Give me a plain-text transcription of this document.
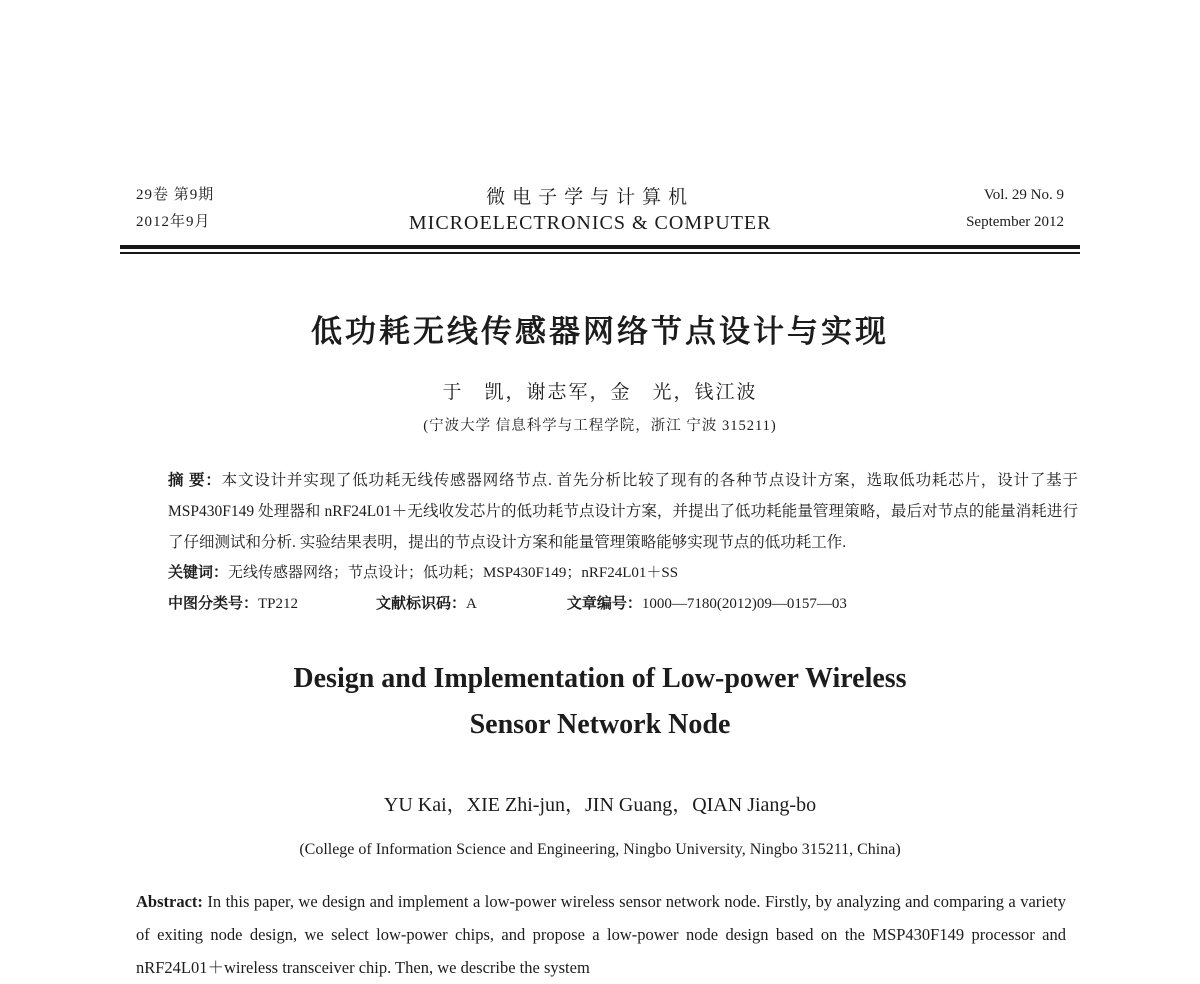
29卷 第9期
2012年9月
微电子学与计算机
MICROELECTRONICS & COMPUTER
Vol. 29 No. 9
September 2012
低功耗无线传感器网络节点设计与实现
于　凯，谢志军，金　光，钱江波
(宁波大学 信息科学与工程学院，浙江 宁波 315211)

摘 要：本文设计并实现了低功耗无线传感器网络节点. 首先分析比较了现有的各种节点设计方案，选取低功耗芯片，设计了基于 MSP430F149 处理器和 nRF24L01＋无线收发芯片的低功耗节点设计方案，并提出了低功耗能量管理策略，最后对节点的能量消耗进行了仔细测试和分析. 实验结果表明，提出的节点设计方案和能量管理策略能够实现节点的低功耗工作.

关键词：无线传感器网络；节点设计；低功耗；MSP430F149；nRF24L01＋SS
中图分类号：TP212	文献标识码：A	文章编号：1000—7180(2012)09—0157—03
Design and Implementation of Low-power Wireless
Sensor Network Node
YU Kai，XIE Zhi-jun，JIN Guang，QIAN Jiang-bo
(College of Information Science and Engineering, Ningbo University, Ningbo 315211, China)

Abstract: In this paper, we design and implement a low-power wireless sensor network node. Firstly, by analyzing and comparing a variety of exiting node design, we select low-power chips, and propose a low-power node design based on the MSP430F149 processor and nRF24L01＋wireless transceiver chip. Then, we describe the system
